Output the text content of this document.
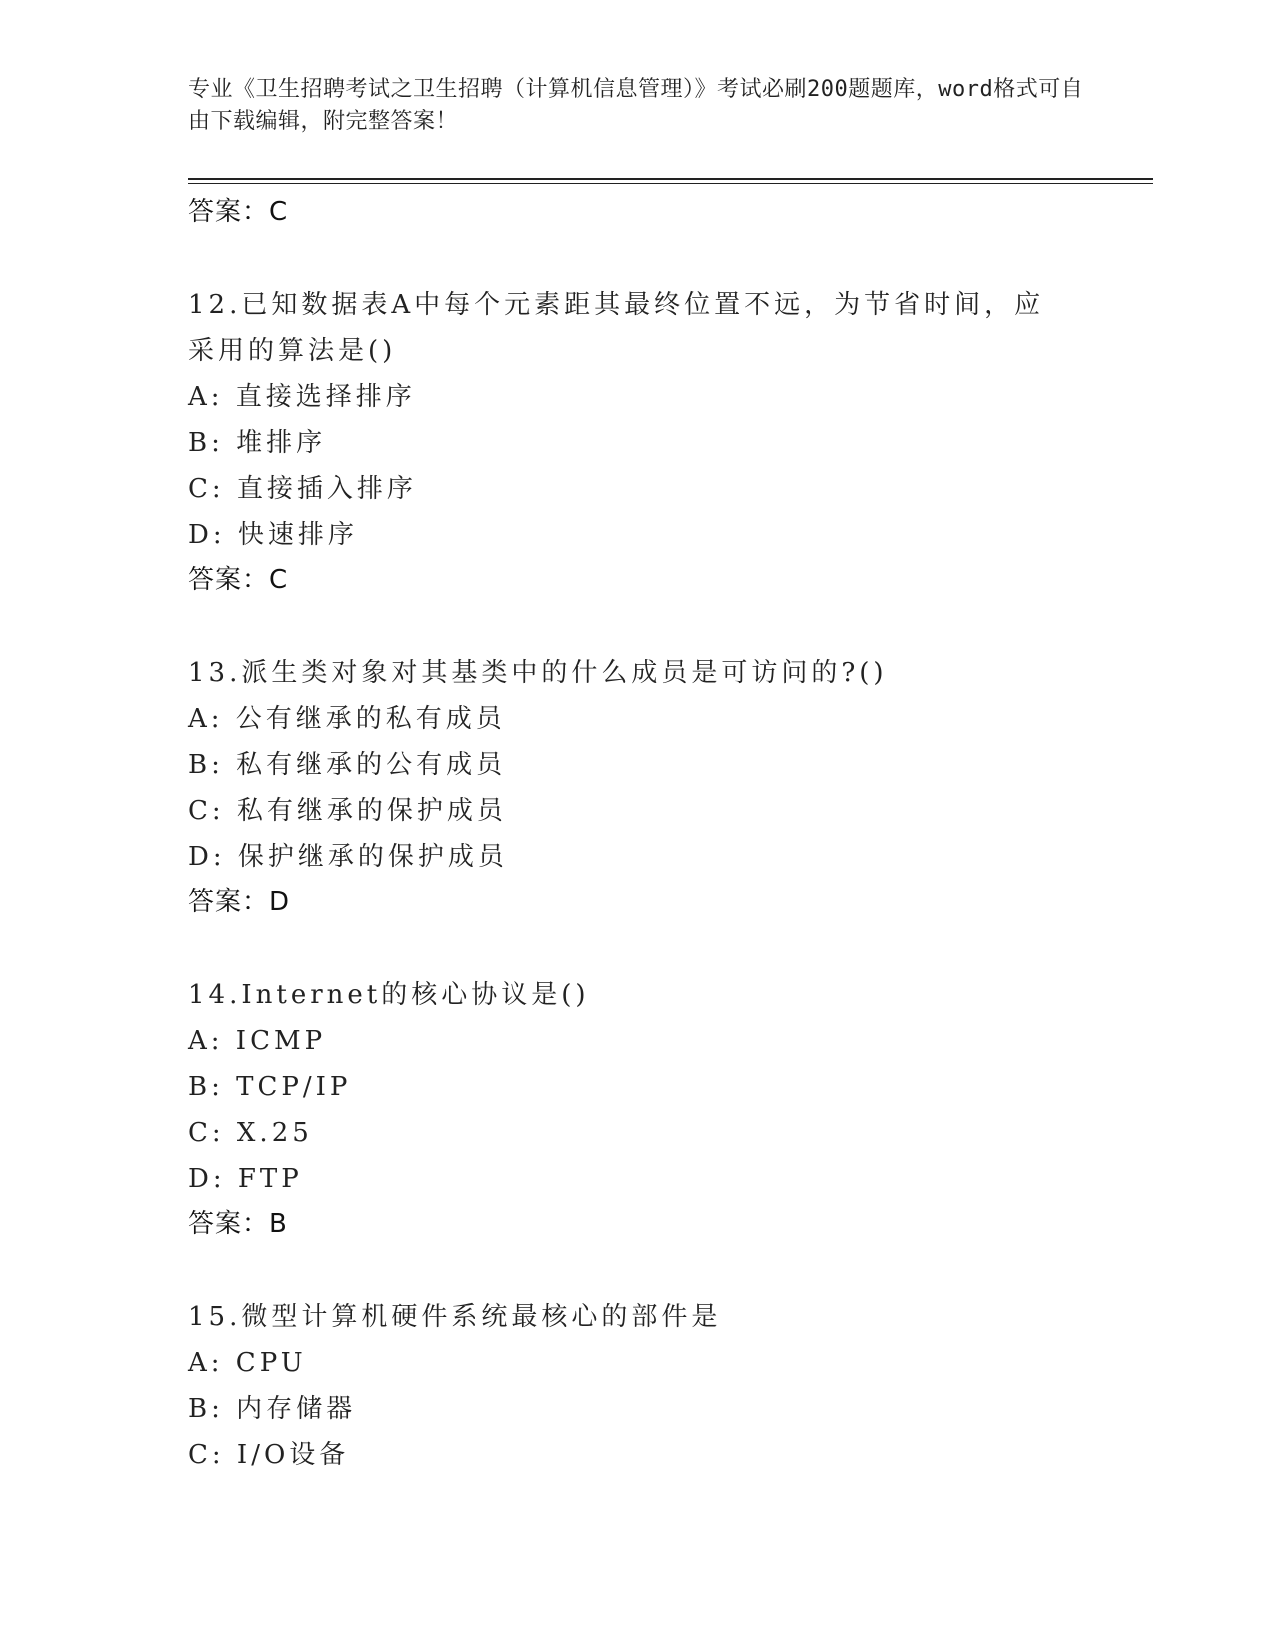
专业《卫生招聘考试之卫生招聘（计算机信息管理）》考试必刷200题题库，word格式可自由下载编辑，附完整答案！
答案：C
12.已知数据表A中每个元素距其最终位置不远，为节省时间，应采用的算法是()
A: 直接选择排序
B: 堆排序
C: 直接插入排序
D: 快速排序
答案：C
13.派生类对象对其基类中的什么成员是可访问的?()
A: 公有继承的私有成员
B: 私有继承的公有成员
C: 私有继承的保护成员
D: 保护继承的保护成员
答案：D
14.Internet的核心协议是()
A: ICMP
B: TCP/IP
C: X.25
D: FTP
答案：B
15.微型计算机硬件系统最核心的部件是
A: CPU
B: 内存储器
C: I/O设备
